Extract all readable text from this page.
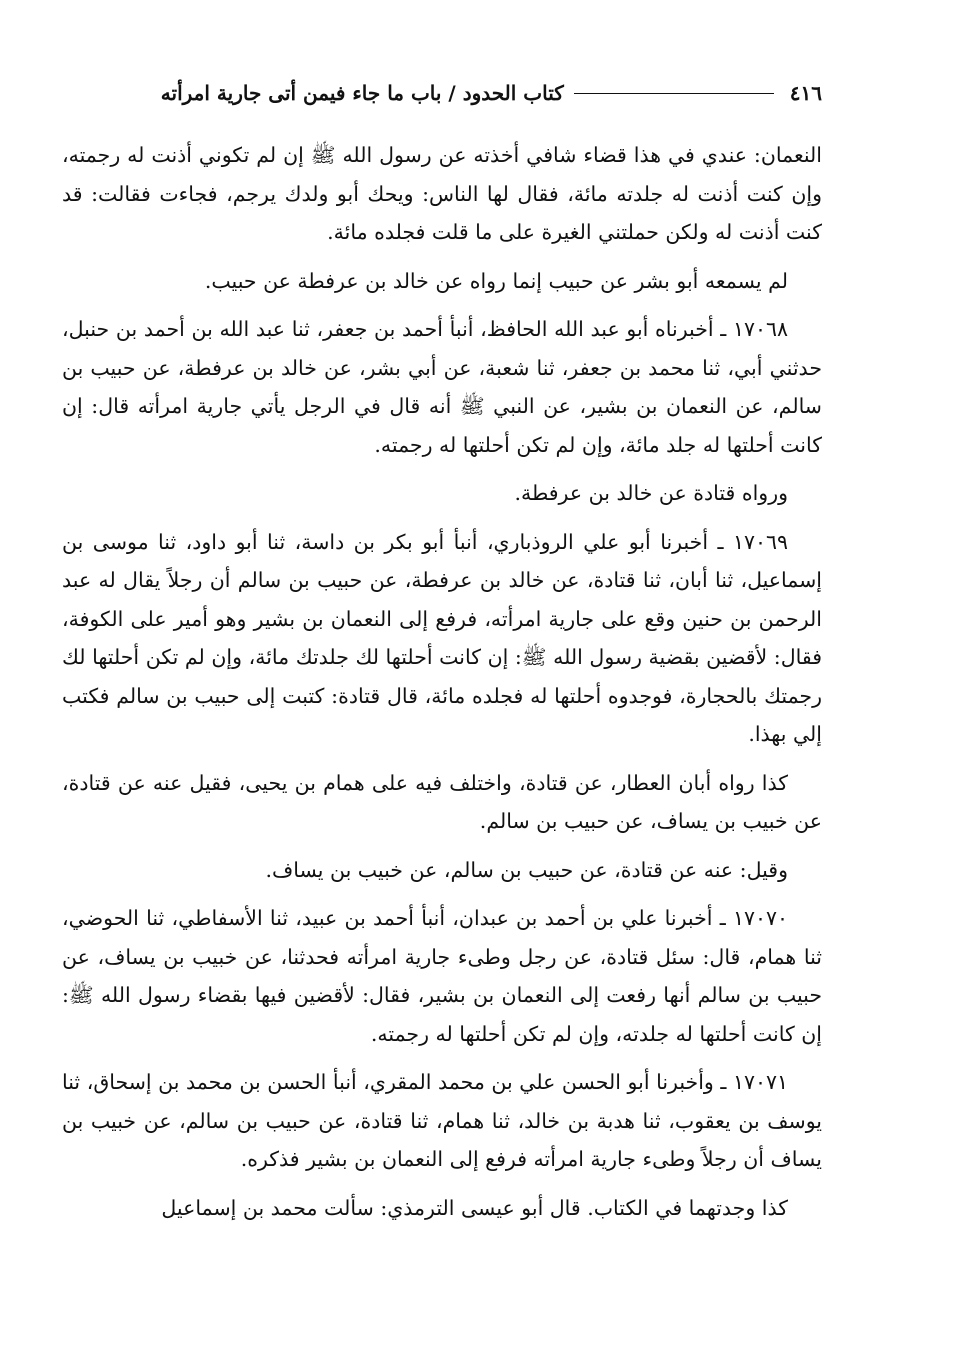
٤١٦
كتاب الحدود / باب ما جاء فيمن أتى جارية امرأته

النعمان: عندي في هذا قضاء شافي أخذته عن رسول الله ﷺ إن لم تكوني أذنت له رجمته، وإن كنت أذنت له جلدته مائة، فقال لها الناس: ويحك أبو ولدك يرجم، فجاءت فقالت: قد كنت أذنت له ولكن حملتني الغيرة على ما قلت فجلده مائة.

لم يسمعه أبو بشر عن حبيب إنما رواه عن خالد بن عرفطة عن حبيب.

١٧٠٦٨ ـ أخبرناه أبو عبد الله الحافظ، أنبأ أحمد بن جعفر، ثنا عبد الله بن أحمد بن حنبل، حدثني أبي، ثنا محمد بن جعفر، ثنا شعبة، عن أبي بشر، عن خالد بن عرفطة، عن حبيب بن سالم، عن النعمان بن بشير، عن النبي ﷺ أنه قال في الرجل يأتي جارية امرأته قال: إن كانت أحلتها له جلد مائة، وإن لم تكن أحلتها له رجمته.

ورواه قتادة عن خالد بن عرفطة.

١٧٠٦٩ ـ أخبرنا أبو علي الروذباري، أنبأ أبو بكر بن داسة، ثنا أبو داود، ثنا موسى بن إسماعيل، ثنا أبان، ثنا قتادة، عن خالد بن عرفطة، عن حبيب بن سالم أن رجلاً يقال له عبد الرحمن بن حنين وقع على جارية امرأته، فرفع إلى النعمان بن بشير وهو أمير على الكوفة، فقال: لأقضين بقضية رسول الله ﷺ: إن كانت أحلتها لك جلدتك مائة، وإن لم تكن أحلتها لك رجمتك بالحجارة، فوجدوه أحلتها له فجلده مائة، قال قتادة: كتبت إلى حبيب بن سالم فكتب إلي بهذا.

كذا رواه أبان العطار، عن قتادة، واختلف فيه على همام بن يحيى، فقيل عنه عن قتادة، عن خبيب بن يساف، عن حبيب بن سالم.

وقيل: عنه عن قتادة، عن حبيب بن سالم، عن خبيب بن يساف.

١٧٠٧٠ ـ أخبرنا علي بن أحمد بن عبدان، أنبأ أحمد بن عبيد، ثنا الأسفاطي، ثنا الحوضي، ثنا همام، قال: سئل قتادة، عن رجل وطىء جارية امرأته فحدثنا، عن خبيب بن يساف، عن حبيب بن سالم أنها رفعت إلى النعمان بن بشير، فقال: لأقضين فيها بقضاء رسول الله ﷺ: إن كانت أحلتها له جلدته، وإن لم تكن أحلتها له رجمته.

١٧٠٧١ ـ وأخبرنا أبو الحسن علي بن محمد المقري، أنبأ الحسن بن محمد بن إسحاق، ثنا يوسف بن يعقوب، ثنا هدبة بن خالد، ثنا همام، ثنا قتادة، عن حبيب بن سالم، عن خبيب بن يساف أن رجلاً وطىء جارية امرأته فرفع إلى النعمان بن بشير فذكره.

كذا وجدتهما في الكتاب. قال أبو عيسى الترمذي: سألت محمد بن إسماعيل
